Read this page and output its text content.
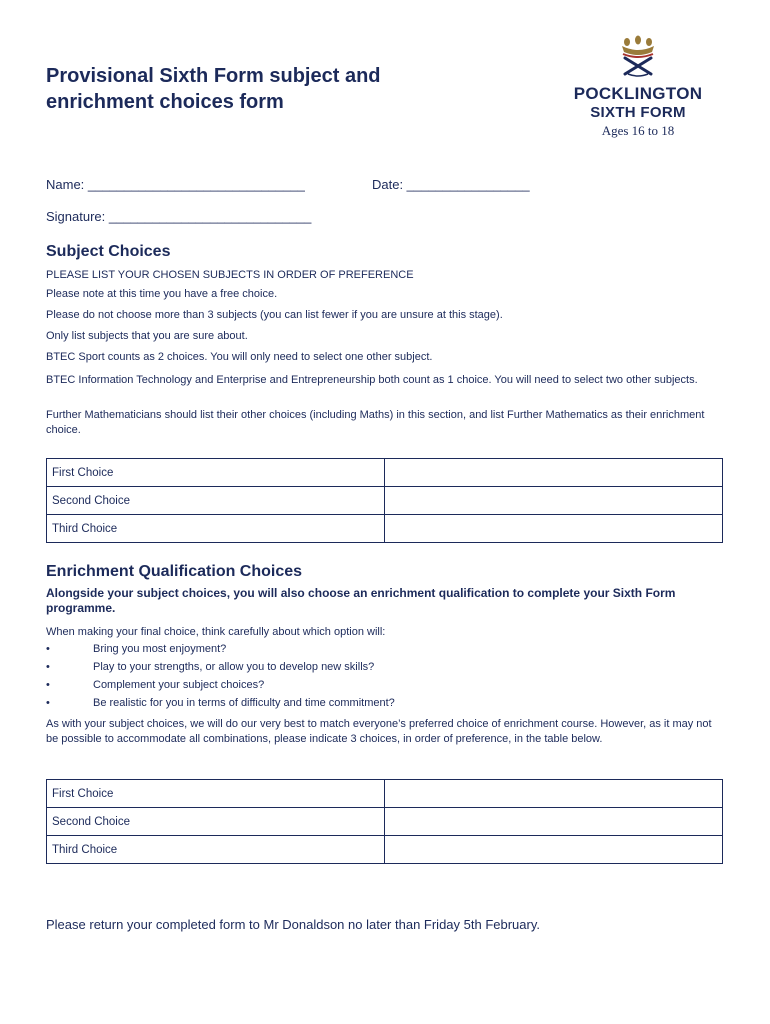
Provisional Sixth Form subject and
enrichment choices form	POCKLINGTON
SIXTH FORM
Ages 16 to 18
Name: ______________________________	Date: _________________
Signature: ____________________________
Subject Choices
PLEASE LIST YOUR CHOSEN SUBJECTS IN ORDER OF PREFERENCE
Please note at this time you have a free choice.
Please do not choose more than 3 subjects (you can list fewer if you are unsure at this stage).
Only list subjects that you are sure about.
BTEC Sport counts as 2 choices. You will only need to select one other subject.
BTEC Information Technology and Enterprise and Entrepreneurship both count as 1 choice. You will need to select two other subjects.
Further Mathematicians should list their other choices (including Maths) in this section, and list Further Mathematics as their enrichment choice.
First Choice	
Second Choice	
Third Choice	
Enrichment Qualification Choices
Alongside your subject choices, you will also choose an enrichment qualification to complete your Sixth Form programme.
When making your final choice, think carefully about which option will:
•	Bring you most enjoyment?
•	Play to your strengths, or allow you to develop new skills?
•	Complement your subject choices?
•	Be realistic for you in terms of difficulty and time commitment?
As with your subject choices, we will do our very best to match everyone’s preferred choice of enrichment course. However, as it may not be possible to accommodate all combinations, please indicate 3 choices, in order of preference, in the table below.
First Choice	
Second Choice	
Third Choice	
Please return your completed form to Mr Donaldson no later than Friday 5th February.
